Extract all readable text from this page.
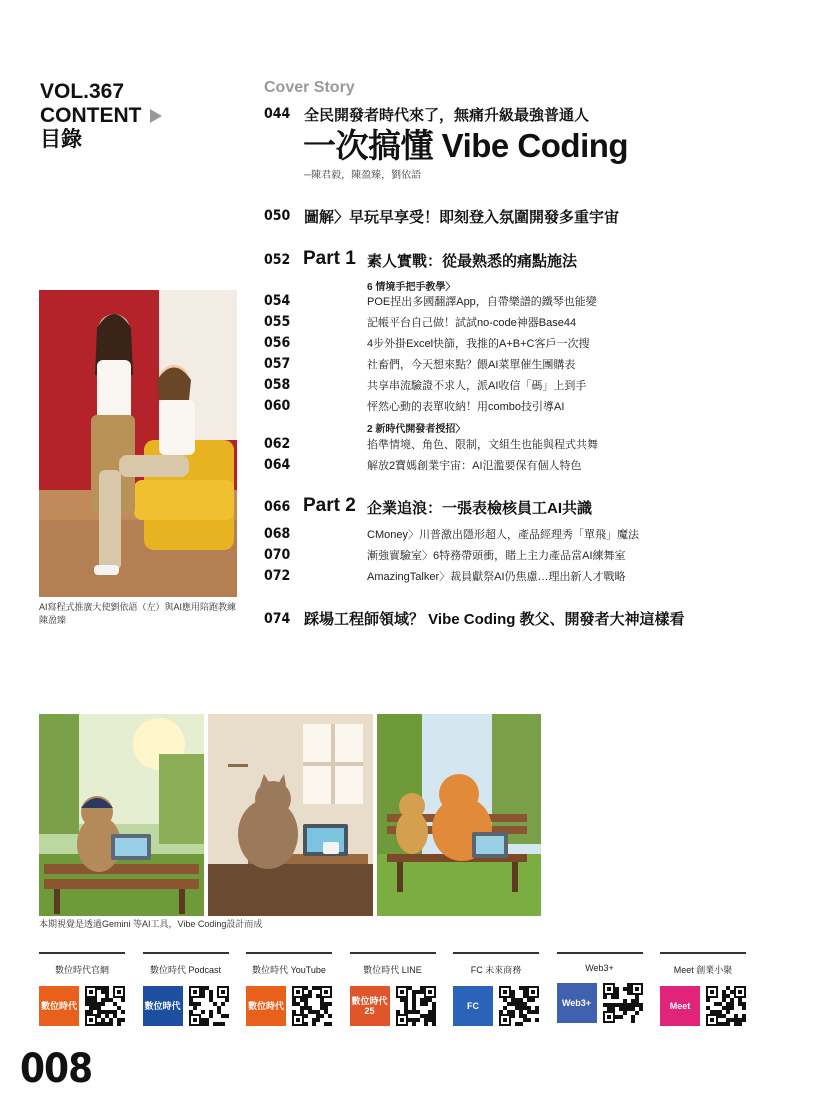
VOL.367
CONTENT
目錄
Cover Story
044 全民開發者時代來了，無痛升級最強普通人
一次搞懂 Vibe Coding
─陳君毅，陳盈臻，劉依語
050 圖解〉早玩早享受！即刻登入氛圍開發多重宇宙
052 Part 1 素人實戰：從最熟悉的痛點施法
6 情境手把手教學〉
054	POE捏出多國翻譯App，自帶樂譜的鐵琴也能變
055	記帳平台自己做！試試no-code神器Base44
056	4步外掛Excel快篩，我推的A+B+C客戶一次搜
057	社畜們，今天想來點？餵AI菜單催生團購表
058	共享串流驗證不求人，派AI收信「碼」上到手
060	怦然心動的表單收納！用combo技引導AI
2 新時代開發者授招〉
062	掐準情境、角色、限制，文組生也能與程式共舞
064	解放2寶媽創業宇宙：AI氾濫要保有個人特色
066 Part 2 企業追浪：一張表檢核員工AI共識
068	CMoney〉川普激出隱形超人，產品經理秀「單飛」魔法
070	漸強實驗室〉6特務帶頭衝，賭上主力產品當AI練舞室
072	AmazingTalker〉裁員獻祭AI仍焦慮…理出新人才戰略
074 踩場工程師領域？ Vibe Coding 教父、開發者大神這樣看
AI寫程式推廣大使劉依語（左）與AI應用陪跑教練陳盈臻
本期視覺是透過Gemini 等AI工具，Vibe Coding設計而成
數位時代官網
數位時代
數位時代 Podcast
數位時代
數位時代 YouTube
數位時代
數位時代 LINE
數位時代 25
FC 未來商務
FC
Web3+
Web3+
Meet 創業小聚
Meet
008
